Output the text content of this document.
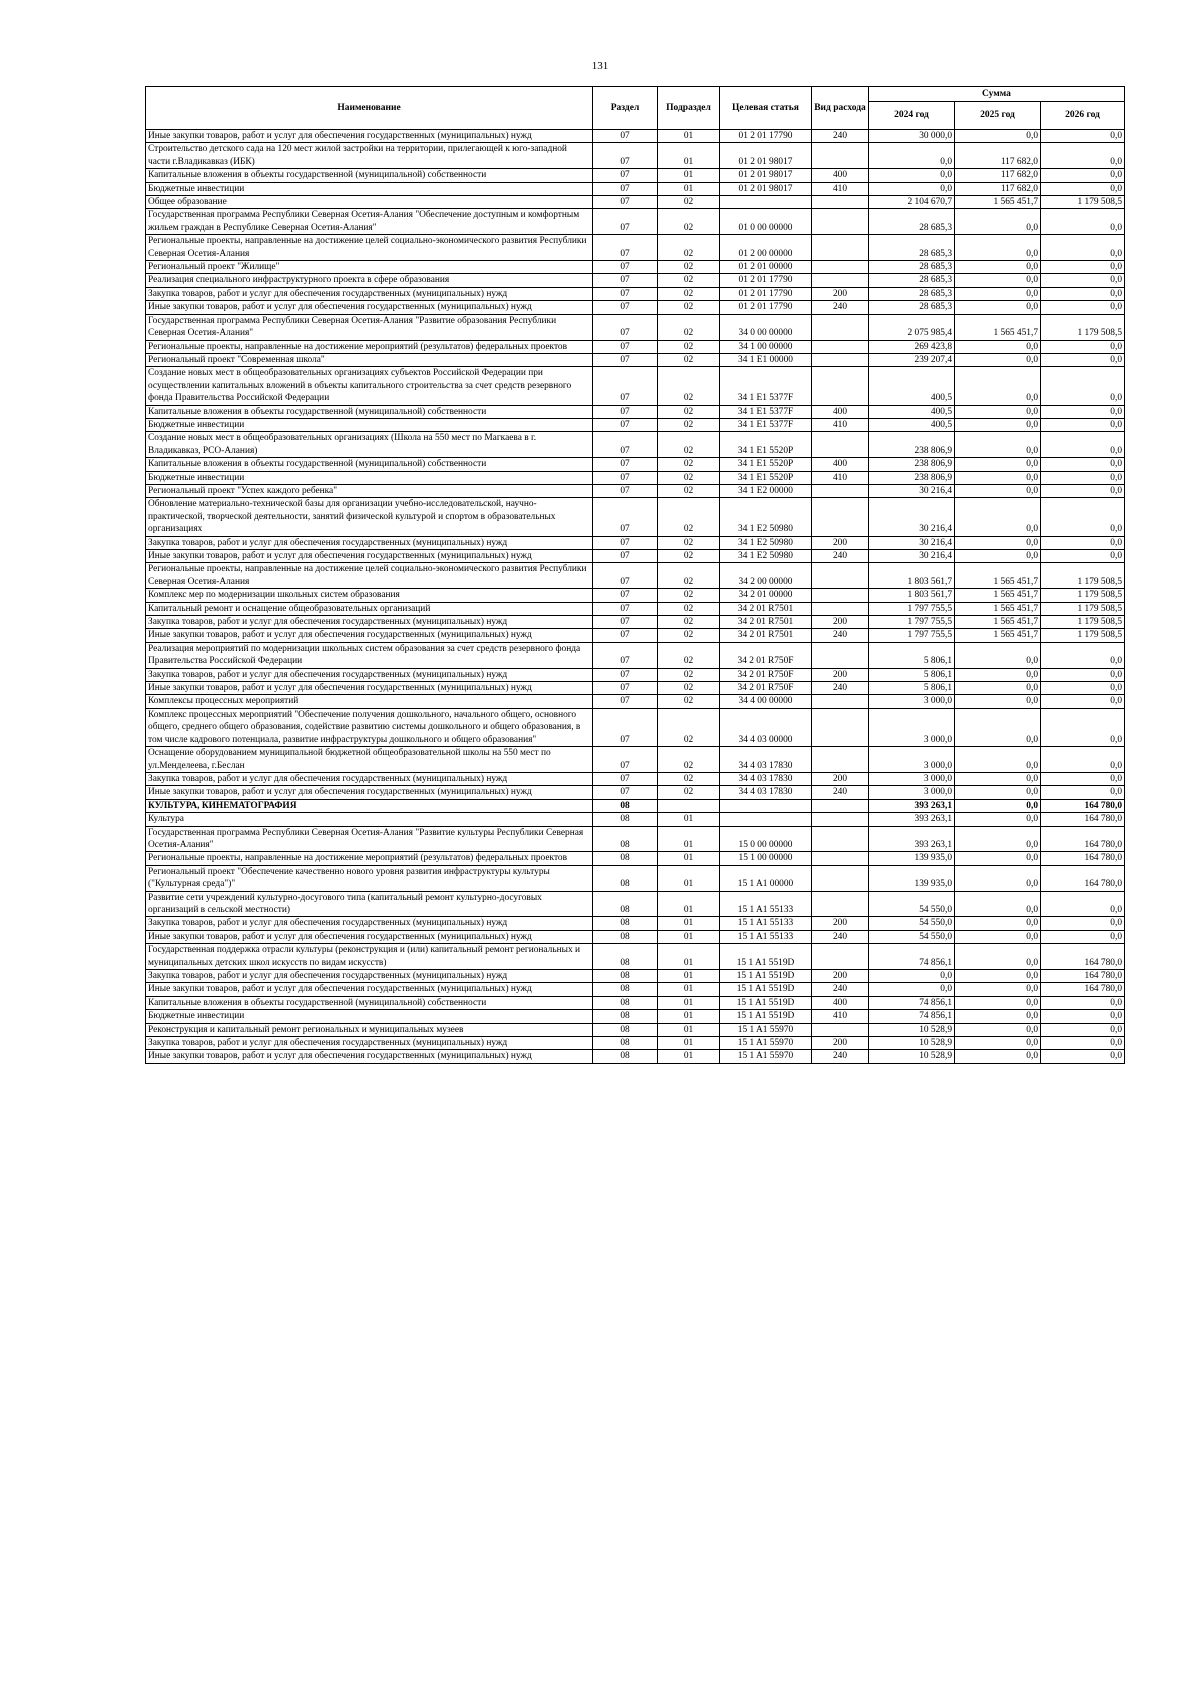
131
Наименование	Раздел	Подраздел	Целевая статья	Вид расхода	Сумма		
					2024 год	2025 год	2026 год
Иные закупки товаров, работ и услуг для обеспечения государственных (муниципальных) нужд	07	01	01 2 01 17790	240	30 000,0	0,0	0,0
Строительство детского сада на 120 мест жилой застройки на территории, прилегающей к юго-западной части г.Владикавказ (ИБК)	07	01	01 2 01 98017		0,0	117 682,0	0,0
Капитальные вложения в объекты государственной (муниципальной) собственности	07	01	01 2 01 98017	400	0,0	117 682,0	0,0
Бюджетные инвестиции	07	01	01 2 01 98017	410	0,0	117 682,0	0,0
Общее образование	07	02			2 104 670,7	1 565 451,7	1 179 508,5
Государственная программа Республики Северная Осетия-Алания "Обеспечение доступным и комфортным жильем граждан в Республике Северная Осетия-Алания"	07	02	01 0 00 00000		28 685,3	0,0	0,0
Региональные проекты, направленные на достижение целей социально-экономического развития Республики Северная Осетия-Алания	07	02	01 2 00 00000		28 685,3	0,0	0,0
Региональный проект "Жилище"	07	02	01 2 01 00000		28 685,3	0,0	0,0
Реализация специального инфраструктурного проекта в сфере образования	07	02	01 2 01 17790		28 685,3	0,0	0,0
Закупка товаров, работ и услуг для обеспечения государственных (муниципальных) нужд	07	02	01 2 01 17790	200	28 685,3	0,0	0,0
Иные закупки товаров, работ и услуг для обеспечения государственных (муниципальных) нужд	07	02	01 2 01 17790	240	28 685,3	0,0	0,0
Государственная программа Республики Северная Осетия-Алания "Развитие образования Республики Северная Осетия-Алания"	07	02	34 0 00 00000		2 075 985,4	1 565 451,7	1 179 508,5
Региональные проекты, направленные на достижение мероприятий (результатов) федеральных проектов	07	02	34 1 00 00000		269 423,8	0,0	0,0
Региональный проект "Современная школа"	07	02	34 1 E1 00000		239 207,4	0,0	0,0
Создание новых мест в общеобразовательных организациях субъектов Российской Федерации при осуществлении капитальных вложений в объекты капитального строительства за счет средств резервного фонда Правительства Российской Федерации	07	02	34 1 E1 5377F		400,5	0,0	0,0
Капитальные вложения в объекты государственной (муниципальной) собственности	07	02	34 1 E1 5377F	400	400,5	0,0	0,0
Бюджетные инвестиции	07	02	34 1 E1 5377F	410	400,5	0,0	0,0
Создание новых мест в общеобразовательных организациях (Школа на 550 мест по Магкаева в г. Владикавказ, РСО-Алания)	07	02	34 1 E1 5520P		238 806,9	0,0	0,0
Капитальные вложения в объекты государственной (муниципальной) собственности	07	02	34 1 E1 5520P	400	238 806,9	0,0	0,0
Бюджетные инвестиции	07	02	34 1 E1 5520P	410	238 806,9	0,0	0,0
Региональный проект "Успех каждого ребенка"	07	02	34 1 E2 00000		30 216,4	0,0	0,0
Обновление материально-технической базы для организации учебно-исследовательской, научно-практической, творческой деятельности, занятий физической культурой и спортом в образовательных организациях	07	02	34 1 E2 50980		30 216,4	0,0	0,0
Закупка товаров, работ и услуг для обеспечения государственных (муниципальных) нужд	07	02	34 1 E2 50980	200	30 216,4	0,0	0,0
Иные закупки товаров, работ и услуг для обеспечения государственных (муниципальных) нужд	07	02	34 1 E2 50980	240	30 216,4	0,0	0,0
Региональные проекты, направленные на достижение целей социально-экономического развития Республики Северная Осетия-Алания	07	02	34 2 00 00000		1 803 561,7	1 565 451,7	1 179 508,5
Комплекс мер по модернизации школьных систем образования	07	02	34 2 01 00000		1 803 561,7	1 565 451,7	1 179 508,5
Капитальный ремонт и оснащение общеобразовательных организаций	07	02	34 2 01 R7501		1 797 755,5	1 565 451,7	1 179 508,5
Закупка товаров, работ и услуг для обеспечения государственных (муниципальных) нужд	07	02	34 2 01 R7501	200	1 797 755,5	1 565 451,7	1 179 508,5
Иные закупки товаров, работ и услуг для обеспечения государственных (муниципальных) нужд	07	02	34 2 01 R7501	240	1 797 755,5	1 565 451,7	1 179 508,5
Реализация мероприятий по модернизации школьных систем образования за счет средств резервного фонда Правительства Российской Федерации	07	02	34 2 01 R750F		5 806,1	0,0	0,0
Закупка товаров, работ и услуг для обеспечения государственных (муниципальных) нужд	07	02	34 2 01 R750F	200	5 806,1	0,0	0,0
Иные закупки товаров, работ и услуг для обеспечения государственных (муниципальных) нужд	07	02	34 2 01 R750F	240	5 806,1	0,0	0,0
Комплексы процессных мероприятий	07	02	34 4 00 00000		3 000,0	0,0	0,0
Комплекс процессных мероприятий "Обеспечение получения дошкольного, начального общего, основного общего, среднего общего образования, содействие развитию системы дошкольного и общего образования, в том числе кадрового потенциала, развитие инфраструктуры дошкольного и общего образования"	07	02	34 4 03 00000		3 000,0	0,0	0,0
Оснащение оборудованием муниципальной бюджетной общеобразовательной школы на 550 мест по ул.Менделеева, г.Беслан	07	02	34 4 03 17830		3 000,0	0,0	0,0
Закупка товаров, работ и услуг для обеспечения государственных (муниципальных) нужд	07	02	34 4 03 17830	200	3 000,0	0,0	0,0
Иные закупки товаров, работ и услуг для обеспечения государственных (муниципальных) нужд	07	02	34 4 03 17830	240	3 000,0	0,0	0,0
КУЛЬТУРА, КИНЕМАТОГРАФИЯ	08				393 263,1	0,0	164 780,0
Культура	08	01			393 263,1	0,0	164 780,0
Государственная программа Республики Северная Осетия-Алания "Развитие культуры Республики Северная Осетия-Алания"	08	01	15 0 00 00000		393 263,1	0,0	164 780,0
Региональные проекты, направленные на достижение мероприятий (результатов) федеральных проектов	08	01	15 1 00 00000		139 935,0	0,0	164 780,0
Региональный проект "Обеспечение качественно нового уровня развития инфраструктуры культуры ("Культурная среда")"	08	01	15 1 A1 00000		139 935,0	0,0	164 780,0
Развитие сети учреждений культурно-досугового типа (капитальный ремонт культурно-досуговых организаций в сельской местности)	08	01	15 1 A1 55133		54 550,0	0,0	0,0
Закупка товаров, работ и услуг для обеспечения государственных (муниципальных) нужд	08	01	15 1 A1 55133	200	54 550,0	0,0	0,0
Иные закупки товаров, работ и услуг для обеспечения государственных (муниципальных) нужд	08	01	15 1 A1 55133	240	54 550,0	0,0	0,0
Государственная поддержка отрасли культуры (реконструкция и (или) капитальный ремонт региональных и муниципальных детских школ искусств по видам искусств)	08	01	15 1 A1 5519D		74 856,1	0,0	164 780,0
Закупка товаров, работ и услуг для обеспечения государственных (муниципальных) нужд	08	01	15 1 A1 5519D	200	0,0	0,0	164 780,0
Иные закупки товаров, работ и услуг для обеспечения государственных (муниципальных) нужд	08	01	15 1 A1 5519D	240	0,0	0,0	164 780,0
Капитальные вложения в объекты государственной (муниципальной) собственности	08	01	15 1 A1 5519D	400	74 856,1	0,0	0,0
Бюджетные инвестиции	08	01	15 1 A1 5519D	410	74 856,1	0,0	0,0
Реконструкция и капитальный ремонт региональных и муниципальных музеев	08	01	15 1 A1 55970		10 528,9	0,0	0,0
Закупка товаров, работ и услуг для обеспечения государственных (муниципальных) нужд	08	01	15 1 A1 55970	200	10 528,9	0,0	0,0
Иные закупки товаров, работ и услуг для обеспечения государственных (муниципальных) нужд	08	01	15 1 A1 55970	240	10 528,9	0,0	0,0
